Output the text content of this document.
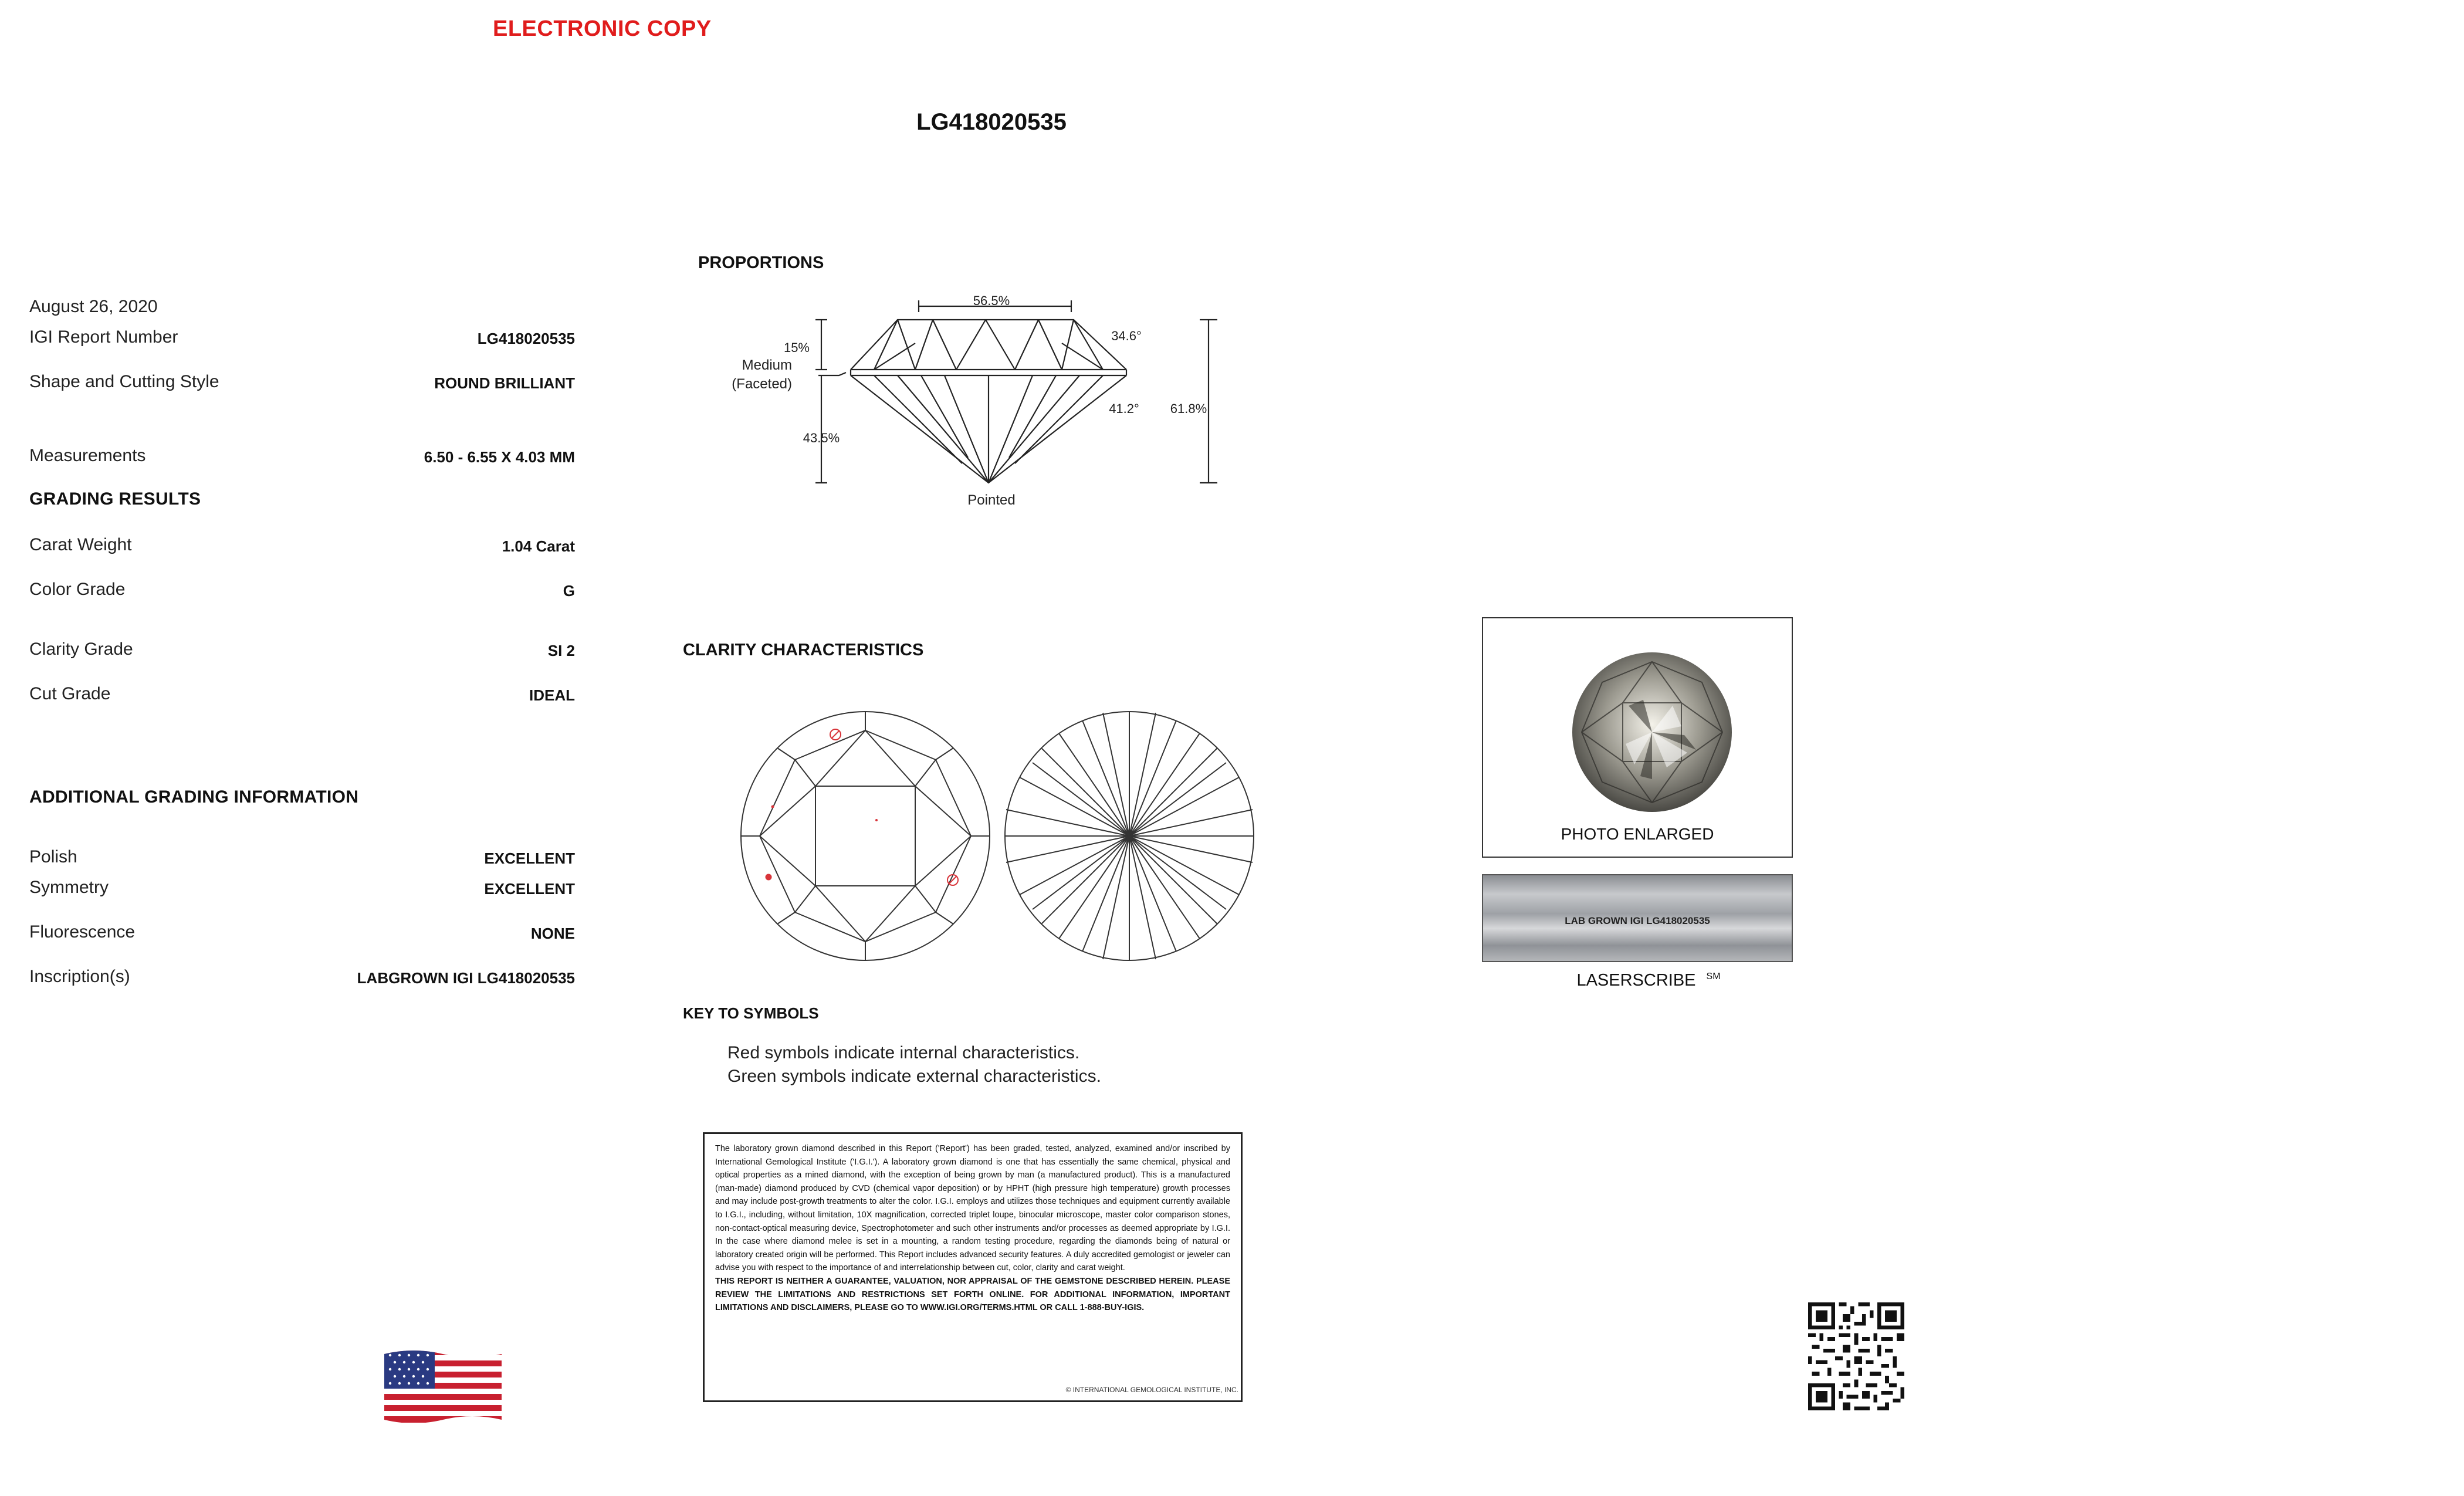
ELECTRONIC COPY
LG418020535
August 26, 2020
IGI Report Number	LG418020535
Shape and Cutting Style	ROUND BRILLIANT
Measurements	6.50 - 6.55 X 4.03 MM
GRADING RESULTS
Carat Weight	1.04 Carat
Color Grade	G
Clarity Grade	SI 2
Cut Grade	IDEAL
ADDITIONAL GRADING INFORMATION
Polish	EXCELLENT
Symmetry	EXCELLENT
Fluorescence	NONE
Inscription(s)	LABGROWN IGI LG418020535
PROPORTIONS
56.5%
15%
34.6°
Medium
(Faceted)
41.2° 61.8%
43.5%
Pointed
CLARITY CHARACTERISTICS
KEY TO SYMBOLS
Red symbols indicate internal characteristics.
Green symbols indicate external characteristics.

The laboratory grown diamond described in this Report ('Report') has been graded, tested, analyzed, examined and/or inscribed by International Gemological Institute ('I.G.I.'). A laboratory grown diamond is one that has essentially the same chemical, physical and optical properties as a mined diamond, with the exception of being grown by man (a manufactured product). This is a manufactured (man-made) diamond produced by CVD (chemical vapor deposition) or by HPHT (high pressure high temperature) growth processes and may include post-growth treatments to alter the color. I.G.I. employs and utilizes those techniques and equipment currently available to I.G.I., including, without limitation, 10X magnification, corrected triplet loupe, binocular microscope, master color comparison stones, non-contact-optical measuring device, Spectrophotometer and such other instruments and/or processes as deemed appropriate by I.G.I. In the case where diamond melee is set in a mounting, a random testing procedure, regarding the diamonds being of natural or laboratory created origin will be performed. This Report includes advanced security features. A duly accredited gemologist or jeweler can advise you with respect to the importance of and interrelationship between cut, color, clarity and carat weight.

THIS REPORT IS NEITHER A GUARANTEE, VALUATION, NOR APPRAISAL OF THE GEMSTONE DESCRIBED HEREIN. PLEASE REVIEW THE LIMITATIONS AND RESTRICTIONS SET FORTH ONLINE. FOR ADDITIONAL INFORMATION, IMPORTANT LIMITATIONS AND DISCLAIMERS, PLEASE GO TO WWW.IGI.ORG/TERMS.HTML OR CALL 1-888-BUY-IGIS.

© INTERNATIONAL GEMOLOGICAL INSTITUTE, INC.
PHOTO ENLARGED
LAB GROWN IGI LG418020535
LASERSCRIBE ℠
